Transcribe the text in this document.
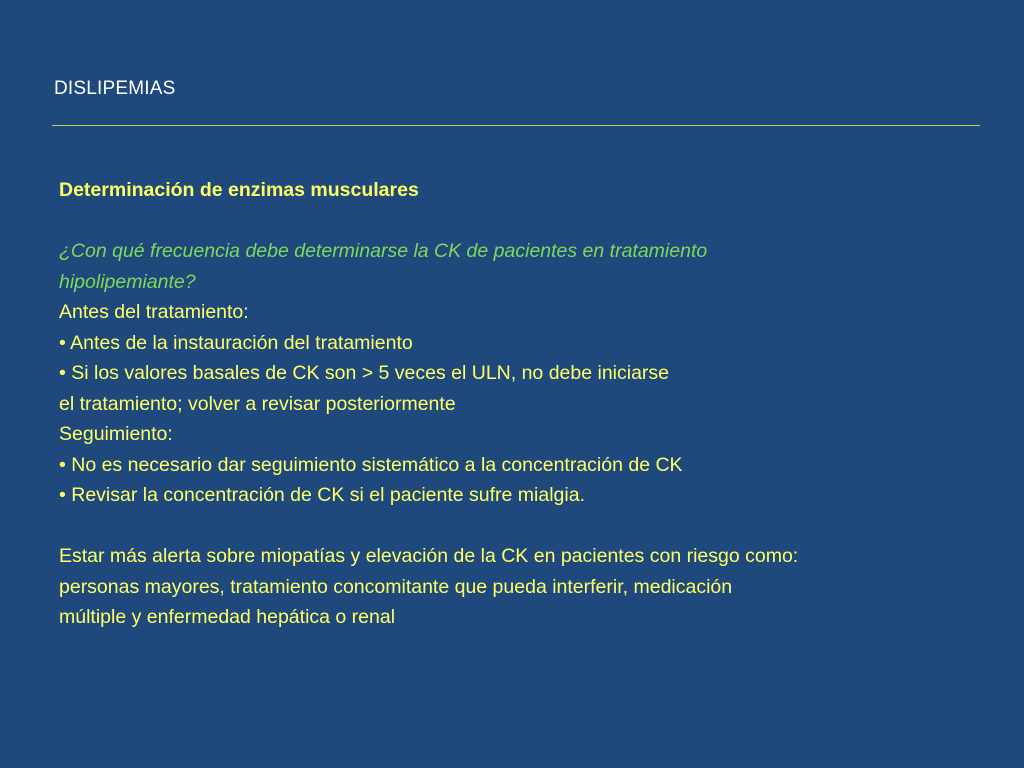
DISLIPEMIAS
Determinación de enzimas musculares
¿Con qué frecuencia debe determinarse la CK de pacientes en tratamiento
hipolipemiante?
Antes del tratamiento:
• Antes de la instauración del tratamiento
• Si los valores basales de CK son > 5 veces el ULN, no debe iniciarse
el tratamiento; volver a revisar posteriormente
Seguimiento:
• No es necesario dar seguimiento sistemático a la concentración de CK
• Revisar la concentración de CK si el paciente sufre mialgia.
Estar más alerta sobre miopatías y elevación de la CK en pacientes con riesgo como:
personas mayores, tratamiento concomitante que pueda interferir, medicación
múltiple y enfermedad hepática o renal
